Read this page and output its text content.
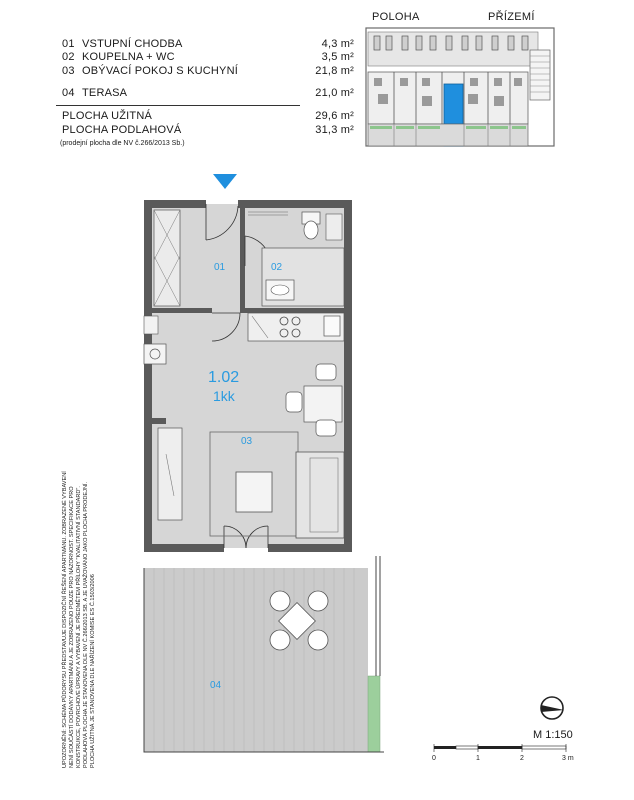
01 VSTUPNÍ CHODBA	4,3 m²
02 KOUPELNA + WC	3,5 m²
03 OBÝVACÍ POKOJ S KUCHYNÍ	21,8 m²
04 TERASA	21,0 m²
PLOCHA UŽITNÁ	29,6 m²
PLOCHA PODLAHOVÁ	31,3 m²
(prodejní plocha dle NV č.266/2013 Sb.)
POLOHA	PŘÍZEMÍ
01	02
1.02
1kk
03
04
UPOZORNĚNÍ: SCHÉMA PŮDORYSU PŘEDSTAVUJE DISPOZIČNÍ ŘEŠENÍ APARTMÁNU. ZOBRAZENÉ VYBAVENÍ NENÍ SOUČÁSTÍ DODÁVKY APARTMÁNU A JE ZOBRAZENO POUZE PRO NÁZORNOST. SPECIFIKACE PRO KONSTRUKCE, POVRCHOVÉ ÚPRAVY A VYBAVENÍ JE PŘEDMĚTEM PŘÍLOHY "KVALITATIVNÍ STANDARD". PODLAHOVÁ PLOCHA JE STANOVENA DLE NV Č.266/2013 SB. A JE UVAŽOVÁNO JAKO PLOCHA PRODEJNÍ. PLOCHA UŽITNÁ JE STANOVENA DLE NAŘÍZENÍ KOMISE ES Č.1503/2006	M 1:150
0	1	2	3 m
